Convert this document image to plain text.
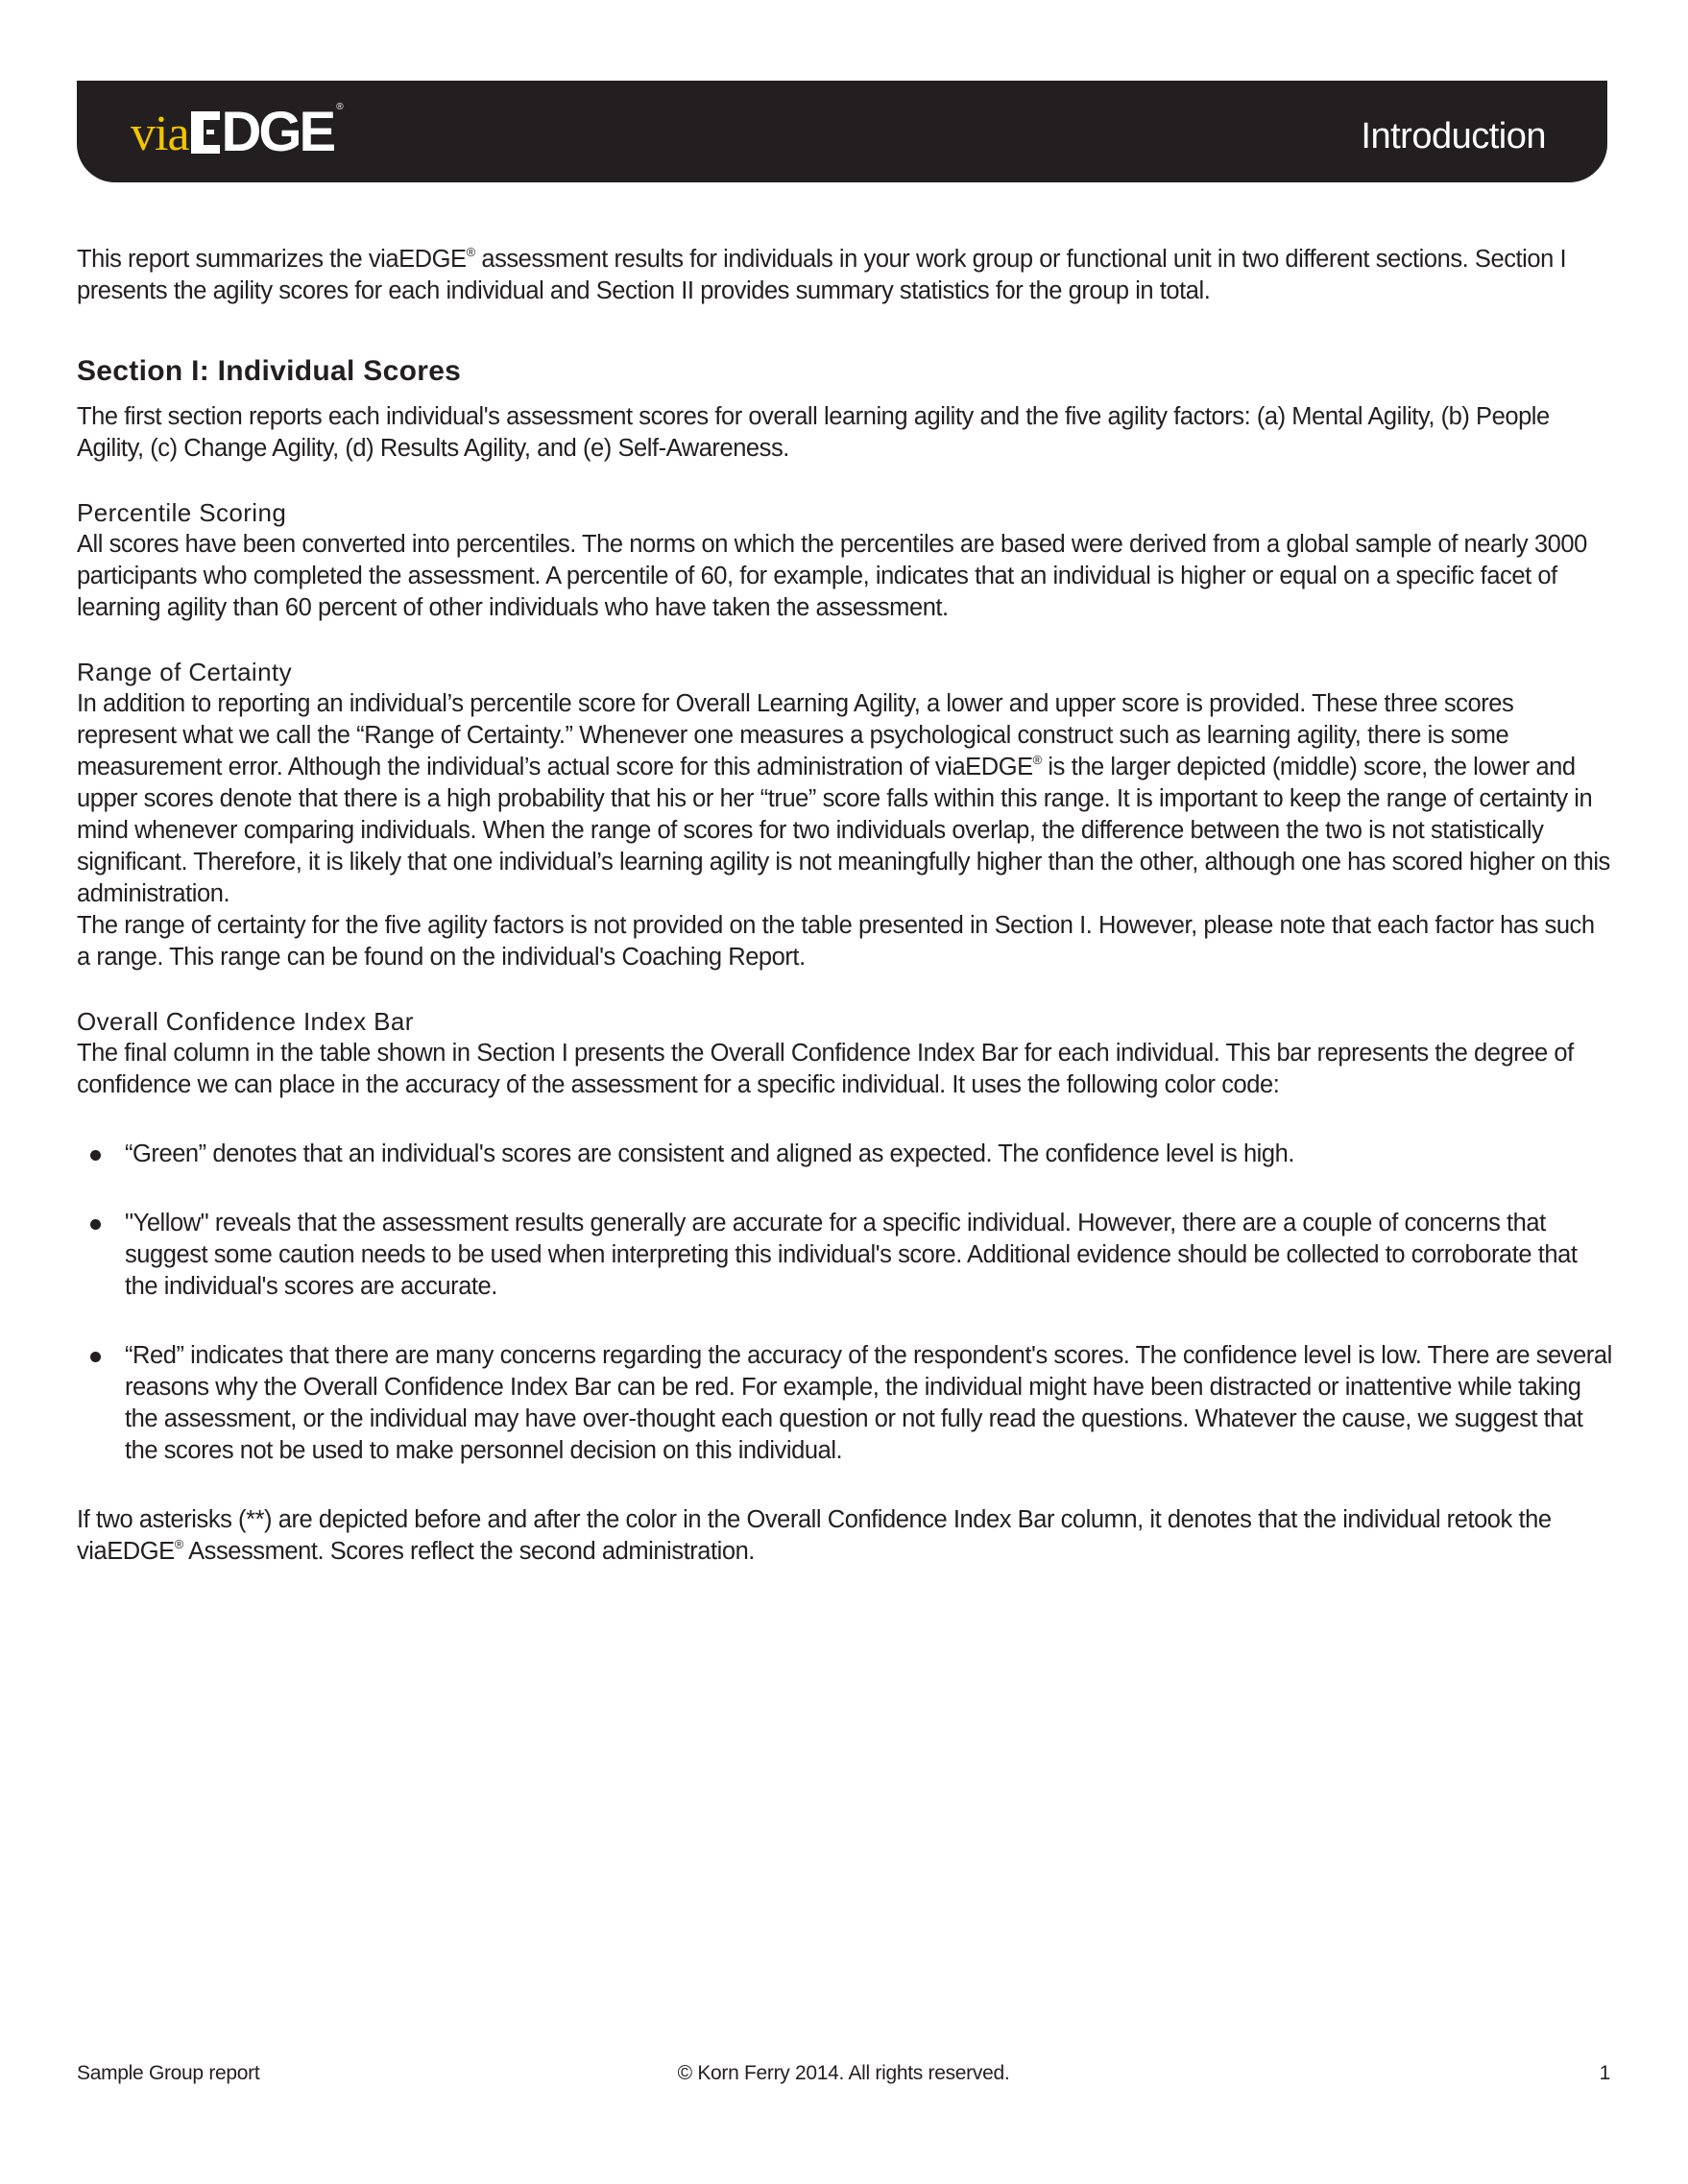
via DGE ®
Introduction

This report summarizes the viaEDGE® assessment results for individuals in your work group or functional unit in two different sections. Section I presents the agility scores for each individual and Section II provides summary statistics for the group in total.

Section I: Individual Scores

The first section reports each individual's assessment scores for overall learning agility and the five agility factors: (a) Mental Agility, (b) People Agility, (c) Change Agility, (d) Results Agility, and (e) Self-Awareness.

Percentile Scoring

All scores have been converted into percentiles. The norms on which the percentiles are based were derived from a global sample of nearly 3000 participants who completed the assessment. A percentile of 60, for example, indicates that an individual is higher or equal on a specific facet of learning agility than 60 percent of other individuals who have taken the assessment.

Range of Certainty

In addition to reporting an individual’s percentile score for Overall Learning Agility, a lower and upper score is provided. These three scores represent what we call the “Range of Certainty.” Whenever one measures a psychological construct such as learning agility, there is some measurement error. Although the individual’s actual score for this administration of viaEDGE® is the larger depicted (middle) score, the lower and upper scores denote that there is a high probability that his or her “true” score falls within this range. It is important to keep the range of certainty in mind whenever comparing individuals. When the range of scores for two individuals overlap, the difference between the two is not statistically significant. Therefore, it is likely that one individual’s learning agility is not meaningfully higher than the other, although one has scored higher on this administration.

The range of certainty for the five agility factors is not provided on the table presented in Section I. However, please note that each factor has such a range. This range can be found on the individual's Coaching Report.

Overall Confidence Index Bar

The final column in the table shown in Section I presents the Overall Confidence Index Bar for each individual. This bar represents the degree of confidence we can place in the accuracy of the assessment for a specific individual. It uses the following color code:

“Green” denotes that an individual's scores are consistent and aligned as expected. The confidence level is high.
"Yellow" reveals that the assessment results generally are accurate for a specific individual. However, there are a couple of concerns that suggest some caution needs to be used when interpreting this individual's score. Additional evidence should be collected to corroborate that the individual's scores are accurate.
“Red” indicates that there are many concerns regarding the accuracy of the respondent's scores. The confidence level is low. There are several reasons why the Overall Confidence Index Bar can be red. For example, the individual might have been distracted or inattentive while taking the assessment, or the individual may have over-thought each question or not fully read the questions. Whatever the cause, we suggest that the scores not be used to make personnel decision on this individual.

If two asterisks (**) are depicted before and after the color in the Overall Confidence Index Bar column, it denotes that the individual retook the viaEDGE® Assessment. Scores reflect the second administration.

Sample Group report	© Korn Ferry 2014. All rights reserved.	1
